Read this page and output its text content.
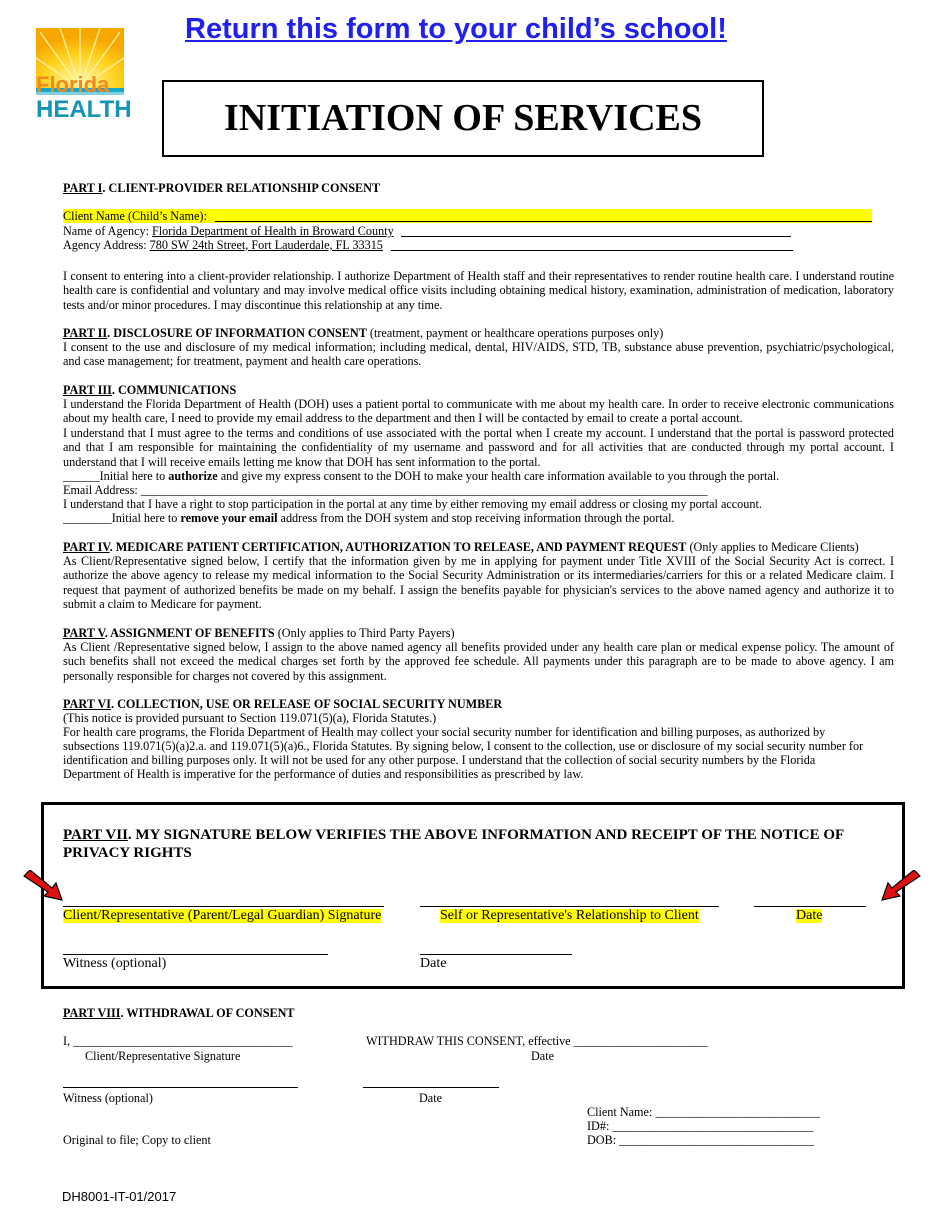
Florida
HEALTH
Return this form to your child’s school!
INITIATION OF SERVICES
PART I. CLIENT-PROVIDER RELATIONSHIP CONSENT
Client Name (Child’s Name):
Name of Agency: Florida Department of Health in Broward County
Agency Address: 780 SW 24th Street, Fort Lauderdale, FL 33315

I consent to entering into a client-provider relationship. I authorize Department of Health staff and their representatives to render routine health care. I understand routine health care is confidential and voluntary and may involve medical office visits including obtaining medical history, examination, administration of medication, laboratory tests and/or minor procedures. I may discontinue this relationship at any time.

PART II. DISCLOSURE OF INFORMATION CONSENT (treatment, payment or healthcare operations purposes only)

I consent to the use and disclosure of my medical information; including medical, dental, HIV/AIDS, STD, TB, substance abuse prevention, psychiatric/psychological, and case management; for treatment, payment and health care operations.

PART III. COMMUNICATIONS

I understand the Florida Department of Health (DOH) uses a patient portal to communicate with me about my health care. In order to receive electronic communications about my health care, I need to provide my email address to the department and then I will be contacted by email to create a portal account.

I understand that I must agree to the terms and conditions of use associated with the portal when I create my account. I understand that the portal is password protected and that I am responsible for maintaining the confidentiality of my username and password and for all activities that are conducted through my portal account. I understand that I will receive emails letting me know that DOH has sent information to the portal.

______Initial here to authorize and give my express consent to the DOH to make your health care information available to you through the portal.
Email Address: _____________________________________________________________________________________________
I understand that I have a right to stop participation in the portal at any time by either removing my email address or closing my portal account.
________Initial here to remove your email address from the DOH system and stop receiving information through the portal.
PART IV. MEDICARE PATIENT CERTIFICATION, AUTHORIZATION TO RELEASE, AND PAYMENT REQUEST (Only applies to Medicare Clients)

As Client/Representative signed below, I certify that the information given by me in applying for payment under Title XVIII of the Social Security Act is correct. I authorize the above agency to release my medical information to the Social Security Administration or its intermediaries/carriers for this or a related Medicare claim. I request that payment of authorized benefits be made on my behalf. I assign the benefits payable for physician's services to the above named agency and authorize it to submit a claim to Medicare for payment.

PART V. ASSIGNMENT OF BENEFITS (Only applies to Third Party Payers)

As Client /Representative signed below, I assign to the above named agency all benefits provided under any health care plan or medical expense policy. The amount of such benefits shall not exceed the medical charges set forth by the approved fee schedule. All payments under this paragraph are to be made to above agency. I am personally responsible for charges not covered by this assignment.

PART VI. COLLECTION, USE OR RELEASE OF SOCIAL SECURITY NUMBER
(This notice is provided pursuant to Section 119.071(5)(a), Florida Statutes.)
For health care programs, the Florida Department of Health may collect your social security number for identification and billing purposes, as authorized by
subsections 119.071(5)(a)2.a. and 119.071(5)(a)6., Florida Statutes. By signing below, I consent to the collection, use or disclosure of my social security number for
identification and billing purposes only. It will not be used for any other purpose. I understand that the collection of social security numbers by the Florida
Department of Health is imperative for the performance of duties and responsibilities as prescribed by law.
PART VII. MY SIGNATURE BELOW VERIFIES THE ABOVE INFORMATION AND RECEIPT OF THE NOTICE OF PRIVACY RIGHTS
Client/Representative (Parent/Legal Guardian) Signature	Self or Representative's Relationship to Client	Date
Witness (optional)	Date
PART VIII. WITHDRAWAL OF CONSENT
I, ____________________________________	WITHDRAW THIS CONSENT, effective ______________________
Client/Representative Signature	Date
Witness (optional)	Date
Client Name: ___________________________
ID#: _________________________________
DOB: ________________________________
Original to file; Copy to client
DH8001-IT-01/2017
